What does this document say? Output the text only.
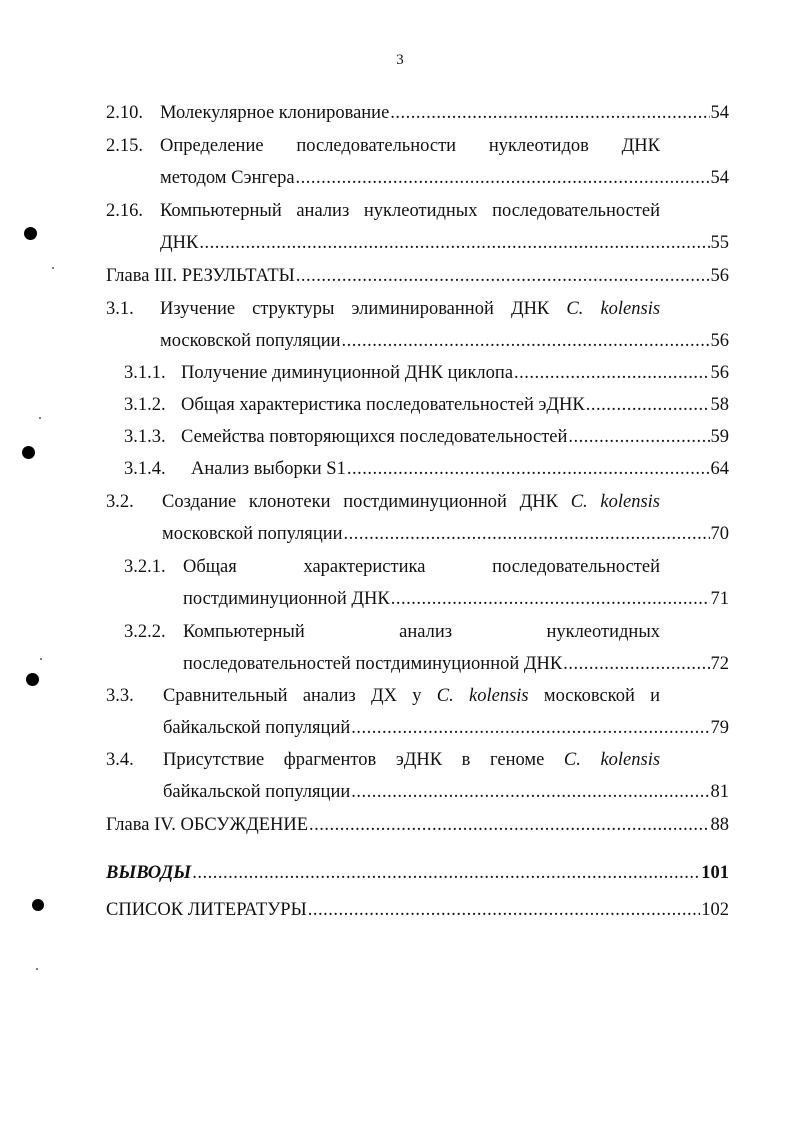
3
2.10. Молекулярное клонирование .....	54
2.15. Определение последовательности нуклеотидов ДНК
методом Сэнгера .....	54
2.16. Компьютерный анализ нуклеотидных последовательностей
ДНК .....	55
Глава III. РЕЗУЛЬТАТЫ .....	56
3.1. Изучение структуры элиминированной ДНК C. kolensis
московской популяции .....	56
3.1.1. Получение диминуционной ДНК циклопа .....	56
3.1.2. Общая характеристика последовательностей эДНК .....	58
3.1.3. Семейства повторяющихся последовательностей .....	59
3.1.4. Анализ выборки S1 .....	64
3.2. Создание клонотеки постдиминуционной ДНК C. kolensis
московской популяции .....	70
3.2.1. Общая	характеристика	последовательностей
постдиминуционной ДНК .....	71
3.2.2. Компьютерный	анализ	нуклеотидных
последовательностей постдиминуционной ДНК .....	72
3.3. Сравнительный анализ ДХ у C. kolensis московской и
байкальской популяций .....	79
3.4. Присутствие фрагментов эДНК в геноме C. kolensis
байкальской популяции .....	81
Глава IV. ОБСУЖДЕНИЕ .....	88
ВЫВОДЫ .....	101
СПИСОК ЛИТЕРАТУРЫ .....	102
